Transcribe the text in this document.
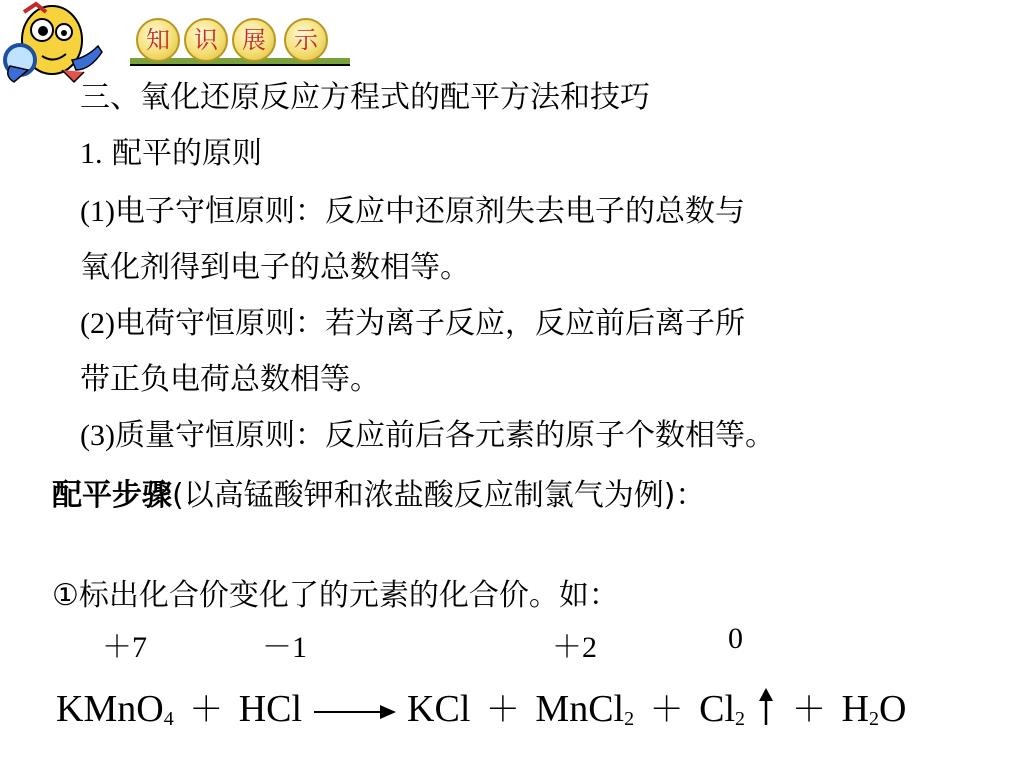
知	识	展	示
三、氧化还原反应方程式的配平方法和技巧
1. 配平的原则
(1)电子守恒原则：反应中还原剂失去电子的总数与
氧化剂得到电子的总数相等。
(2)电荷守恒原则：若为离子反应，反应前后离子所
带正负电荷总数相等。
(3)质量守恒原则：反应前后各元素的原子个数相等。
配平步骤(以高锰酸钾和浓盐酸反应制氯气为例)：
①标出化合价变化了的元素的化合价。如：
＋7	－1	＋2	0
KMnO$_4$ ＋ HCl → KCl ＋ MnCl$_2$ ＋ $Cl_2 + H_2O$
